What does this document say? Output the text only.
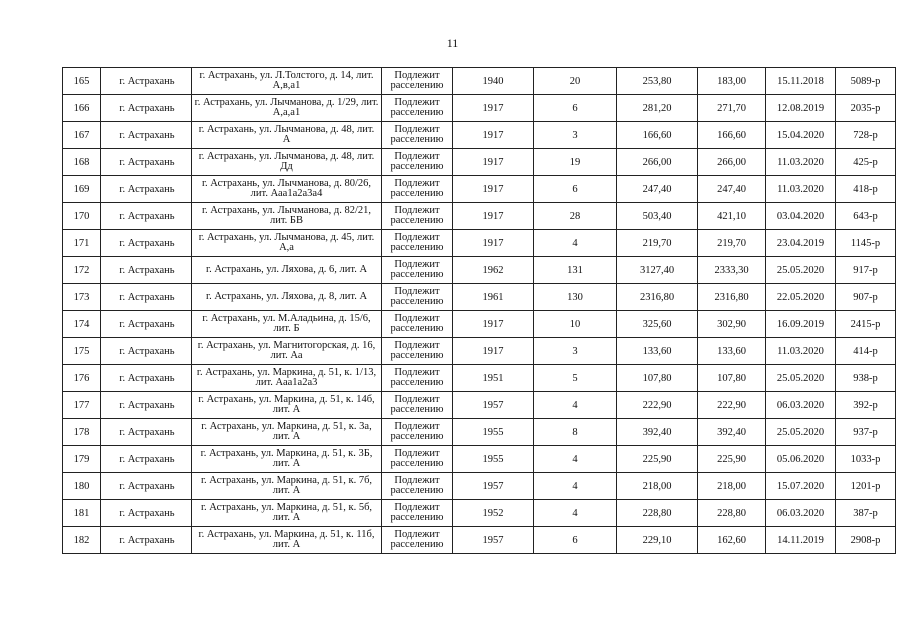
11
165	г. Астрахань	г. Астрахань, ул. Л.Толстого, д. 14, лит. А,в,а1	Подлежит расселению	1940	20	253,80	183,00	15.11.2018	5089-р
166	г. Астрахань	г. Астрахань, ул. Лычманова, д. 1/29, лит. А,а,а1	Подлежит расселению	1917	6	281,20	271,70	12.08.2019	2035-р
167	г. Астрахань	г. Астрахань, ул. Лычманова, д. 48, лит. А	Подлежит расселению	1917	3	166,60	166,60	15.04.2020	728-р
168	г. Астрахань	г. Астрахань, ул. Лычманова, д. 48, лит. Дд	Подлежит расселению	1917	19	266,00	266,00	11.03.2020	425-р
169	г. Астрахань	г. Астрахань, ул. Лычманова, д. 80/26, лит. Ааа1а2а3а4	Подлежит расселению	1917	6	247,40	247,40	11.03.2020	418-р
170	г. Астрахань	г. Астрахань, ул. Лычманова, д. 82/21, лит. БВ	Подлежит расселению	1917	28	503,40	421,10	03.04.2020	643-р
171	г. Астрахань	г. Астрахань, ул. Лычманова, д. 45, лит. А,а	Подлежит расселению	1917	4	219,70	219,70	23.04.2019	1145-р
172	г. Астрахань	г. Астрахань, ул. Ляхова, д. 6, лит. А	Подлежит расселению	1962	131	3127,40	2333,30	25.05.2020	917-р
173	г. Астрахань	г. Астрахань, ул. Ляхова, д. 8, лит. А	Подлежит расселению	1961	130	2316,80	2316,80	22.05.2020	907-р
174	г. Астрахань	г. Астрахань, ул. М.Аладьина, д. 15/6, лит. Б	Подлежит расселению	1917	10	325,60	302,90	16.09.2019	2415-р
175	г. Астрахань	г. Астрахань, ул. Магнитогорская, д. 16, лит. Аа	Подлежит расселению	1917	3	133,60	133,60	11.03.2020	414-р
176	г. Астрахань	г. Астрахань, ул. Маркина, д. 51, к. 1/13, лит. Ааа1а2а3	Подлежит расселению	1951	5	107,80	107,80	25.05.2020	938-р
177	г. Астрахань	г. Астрахань, ул. Маркина, д. 51, к. 14б, лит. А	Подлежит расселению	1957	4	222,90	222,90	06.03.2020	392-р
178	г. Астрахань	г. Астрахань, ул. Маркина, д. 51, к. 3а, лит. А	Подлежит расселению	1955	8	392,40	392,40	25.05.2020	937-р
179	г. Астрахань	г. Астрахань, ул. Маркина, д. 51, к. 3Б, лит. А	Подлежит расселению	1955	4	225,90	225,90	05.06.2020	1033-р
180	г. Астрахань	г. Астрахань, ул. Маркина, д. 51, к. 7б, лит. А	Подлежит расселению	1957	4	218,00	218,00	15.07.2020	1201-р
181	г. Астрахань	г. Астрахань, ул. Маркина, д. 51, к. 5б, лит. А	Подлежит расселению	1952	4	228,80	228,80	06.03.2020	387-р
182	г. Астрахань	г. Астрахань, ул. Маркина, д. 51, к. 11б, лит. А	Подлежит расселению	1957	6	229,10	162,60	14.11.2019	2908-р
